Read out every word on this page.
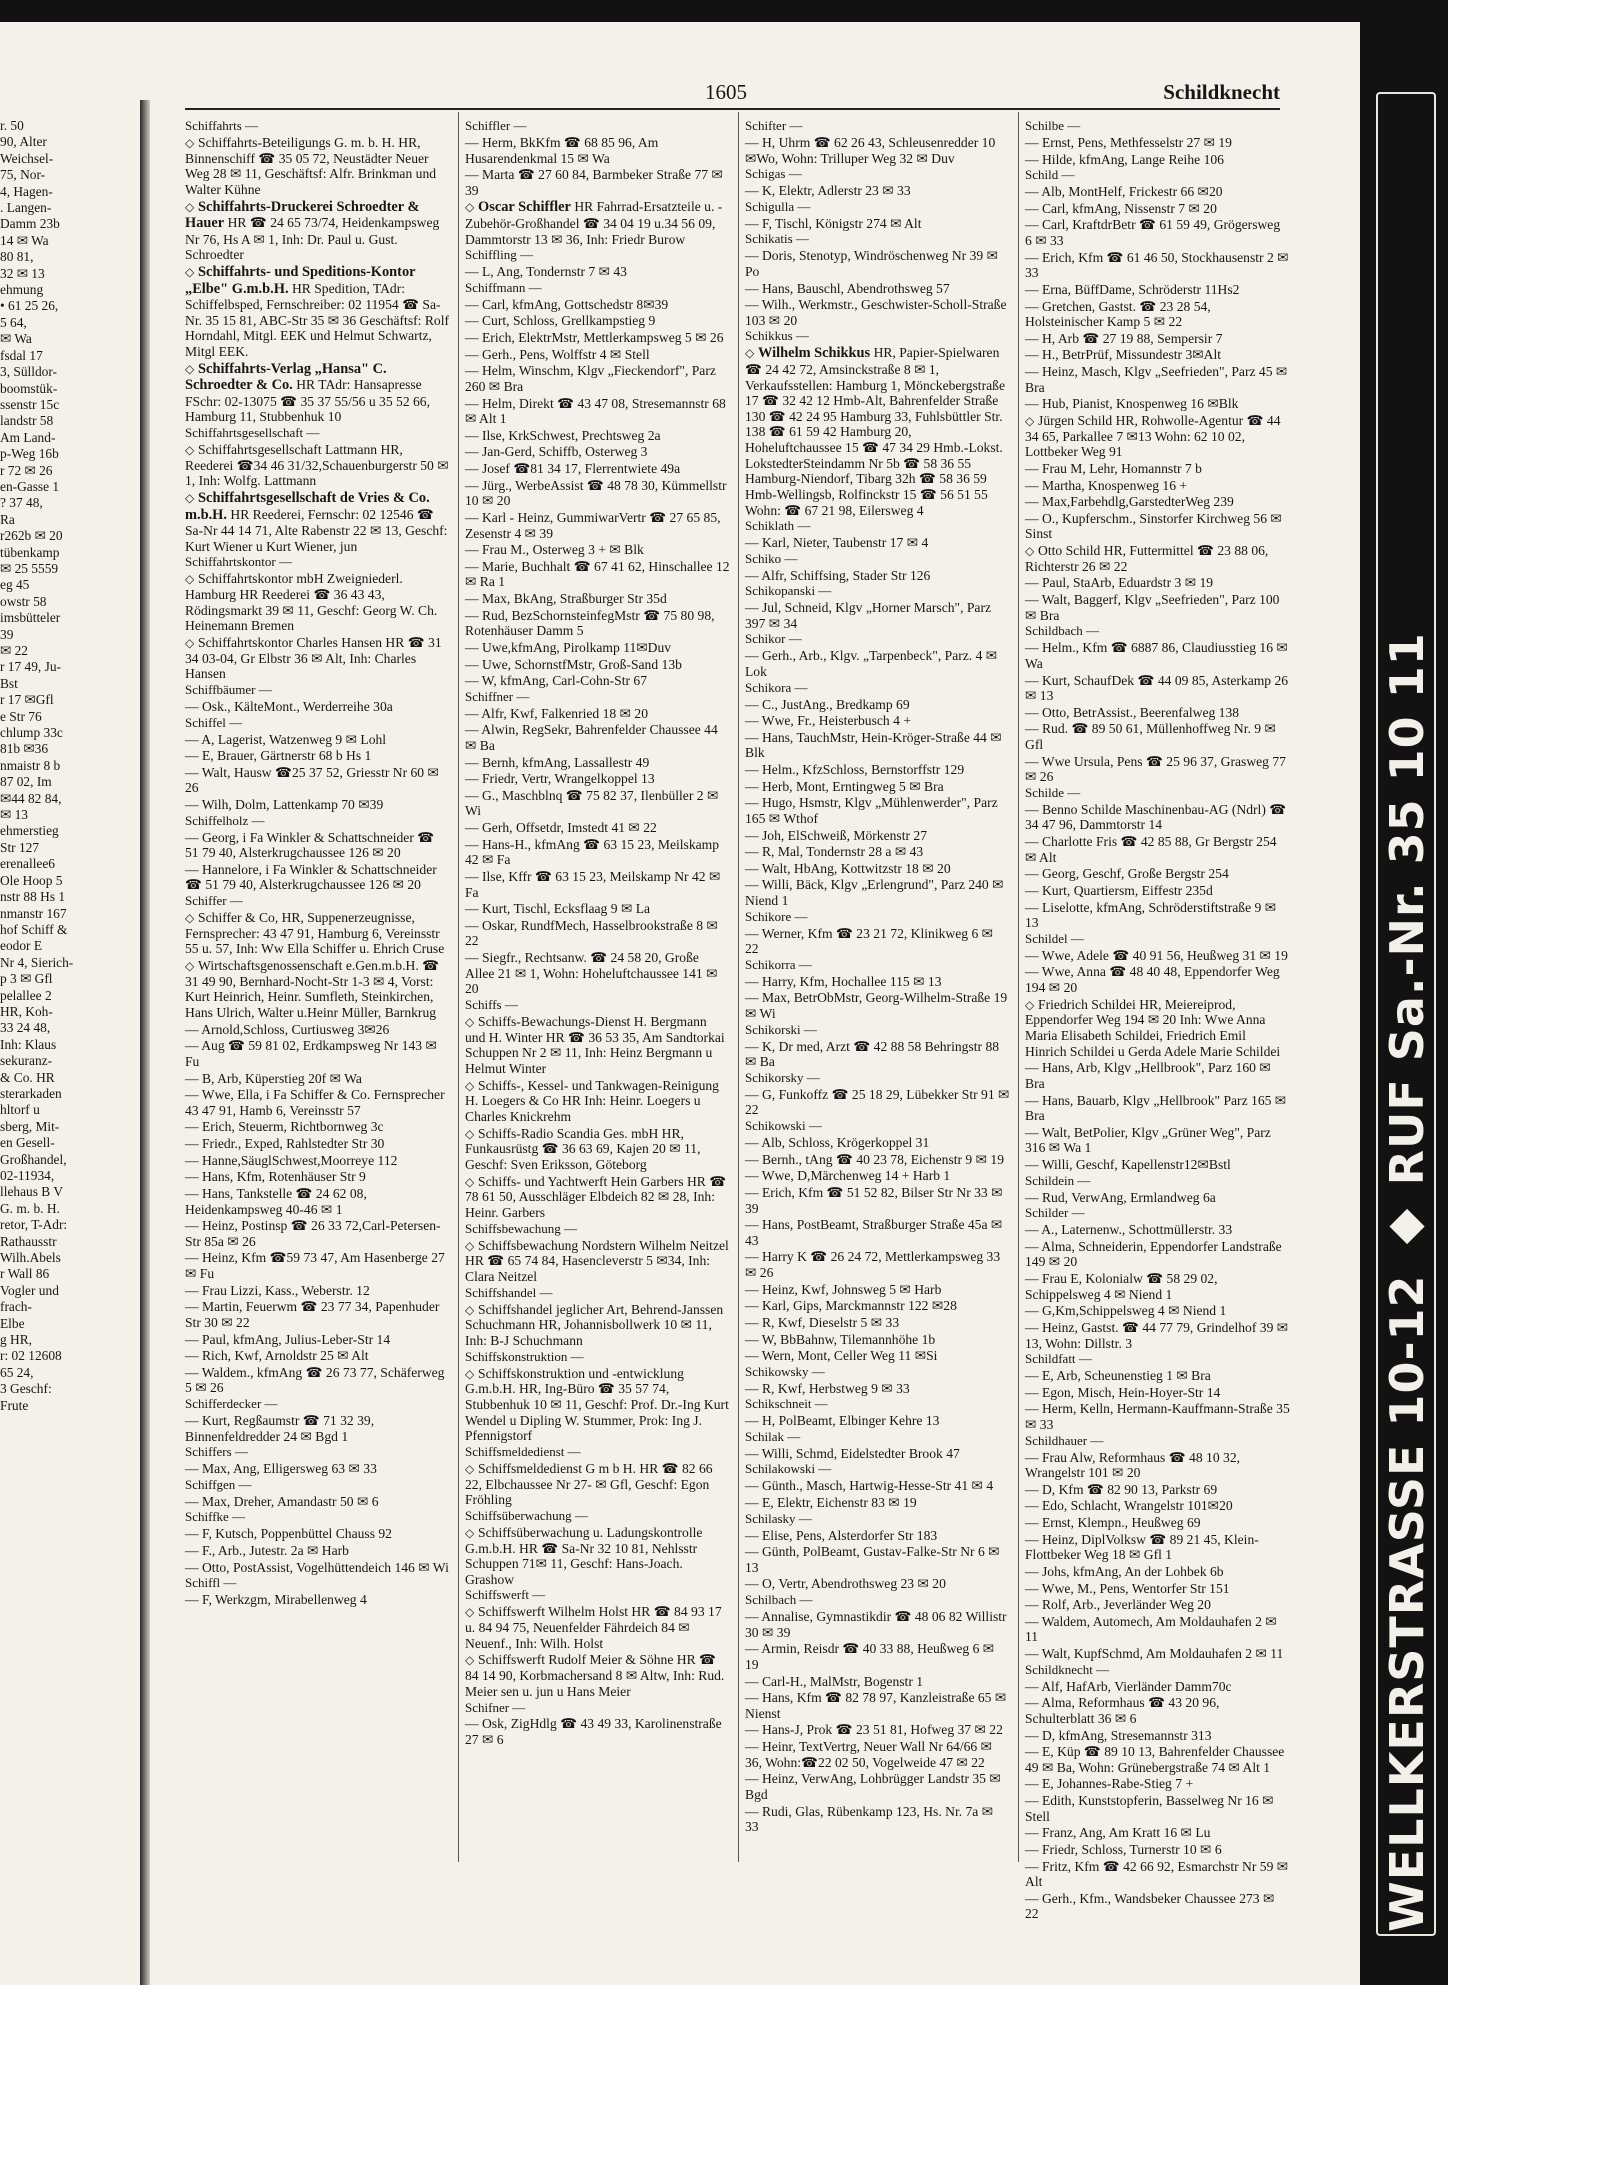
r. 50
90, Alter
Weichsel-
75, Nor-
4, Hagen-
. Langen-
Damm 23b
14 ✉ Wa
80 81,
32 ✉ 13
ehmung
• 61 25 26,
5 64,
✉ Wa
fsdal 17
3, Sülldor-
boomstük-
ssenstr 15c
landstr 58
Am Land-
p-Weg 16b
r 72 ✉ 26
en-Gasse 1
? 37 48,
Ra
r262b ✉ 20
tübenkamp
✉ 25 5559
eg 45
owstr 58
imsbütteler
39
✉ 22
r 17 49, Ju-
Bst
r 17 ✉Gfl
e Str 76
chlump 33c
81b ✉36
nmaistr 8 b
87 02, Im
✉44 82 84,
✉ 13
ehmerstieg
Str 127
erenallee6
Ole Hoop 5
nstr 88 Hs 1
nmanstr 167
hof Schiff &
eodor E
Nr 4, Sierich-
p 3 ✉ Gfl
pelallee 2
HR, Koh-
33 24 48,
Inh: Klaus
sekuranz-
& Co. HR
sterarkaden
hltorf u
sberg, Mit-
en Gesell-
Großhandel,
02-11934,
llehaus B V
G. m. b. H.
retor, T-Adr:
Rathausstr
Wilh.Abels
r Wall 86
Vogler und
frach-
Elbe
g HR,
r: 02 12608
65 24,
3 Geschf:
Frute
1605	Schildknecht
Schiffahrts —
◇ Schiffahrts-Beteiligungs G. m. b. H. HR, Binnenschiff ☎ 35 05 72, Neustädter Neuer Weg 28 ✉ 11, Geschäftsf: Alfr. Brinkman und Walter Kühne
◇ Schiffahrts-Druckerei Schroedter & Hauer HR ☎ 24 65 73/74, Heidenkampsweg Nr 76, Hs A ✉ 1, Inh: Dr. Paul u. Gust. Schroedter
◇ Schiffahrts- und Speditions-Kontor „Elbe" G.m.b.H. HR Spedition, TAdr: Schiffelbsped, Fernschreiber: 02 11954 ☎ Sa-Nr. 35 15 81, ABC-Str 35 ✉ 36 Geschäftsf: Rolf Horndahl, Mitgl. EEK und Helmut Schwartz, Mitgl EEK.
◇ Schiffahrts-Verlag „Hansa" C. Schroedter & Co. HR TAdr: Hansapresse FSchr: 02-13075 ☎ 35 37 55/56 u 35 52 66, Hamburg 11, Stubbenhuk 10
Schiffahrtsgesellschaft —
◇ Schiffahrtsgesellschaft Lattmann HR, Reederei ☎34 46 31/32,Schauenburgerstr 50 ✉ 1, Inh: Wolfg. Lattmann
◇ Schiffahrtsgesellschaft de Vries & Co. m.b.H. HR Reederei, Fernschr: 02 12546 ☎ Sa-Nr 44 14 71, Alte Rabenstr 22 ✉ 13, Geschf: Kurt Wiener u Kurt Wiener, jun
Schiffahrtskontor —
◇ Schiffahrtskontor mbH Zweigniederl. Hamburg HR Reederei ☎ 36 43 43, Rödingsmarkt 39 ✉ 11, Geschf: Georg W. Ch. Heinemann Bremen
◇ Schiffahrtskontor Charles Hansen HR ☎ 31 34 03-04, Gr Elbstr 36 ✉ Alt, Inh: Charles Hansen
Schiffbäumer —
— Osk., KälteMont., Werderreihe 30a
Schiffel —
— A, Lagerist, Watzenweg 9 ✉ Lohl
— E, Brauer, Gärtnerstr 68 b Hs 1
— Walt, Hausw ☎25 37 52, Griesstr Nr 60 ✉ 26
— Wilh, Dolm, Lattenkamp 70 ✉39
Schiffelholz —
— Georg, i Fa Winkler & Schattschneider ☎ 51 79 40, Alsterkrugchaussee 126 ✉ 20
— Hannelore, i Fa Winkler & Schattschneider ☎ 51 79 40, Alsterkrugchaussee 126 ✉ 20
Schiffer —
◇ Schiffer & Co, HR, Suppenerzeugnisse, Fernsprecher: 43 47 91, Hamburg 6, Vereinsstr 55 u. 57, Inh: Ww Ella Schiffer u. Ehrich Cruse
◇ Wirtschaftsgenossenschaft e.Gen.m.b.H. ☎ 31 49 90, Bernhard-Nocht-Str 1-3 ✉ 4, Vorst: Kurt Heinrich, Heinr. Sumfleth, Steinkirchen, Hans Ulrich, Walter u.Heinr Müller, Barnkrug
— Arnold,Schloss, Curtiusweg 3✉26
— Aug ☎ 59 81 02, Erdkampsweg Nr 143 ✉ Fu
— B, Arb, Küperstieg 20f ✉ Wa
— Wwe, Ella, i Fa Schiffer & Co. Fernsprecher 43 47 91, Hamb 6, Vereinsstr 57
— Erich, Steuerm, Richtbornweg 3c
— Friedr., Exped, Rahlstedter Str 30
— Hanne,SäuglSchwest,Moorreye 112
— Hans, Kfm, Rotenhäuser Str 9
— Hans, Tankstelle ☎ 24 62 08, Heidenkampsweg 40-46 ✉ 1
— Heinz, Postinsp ☎ 26 33 72,Carl-Petersen-Str 85a ✉ 26
— Heinz, Kfm ☎59 73 47, Am Hasenberge 27 ✉ Fu
— Frau Lizzi, Kass., Weberstr. 12
— Martin, Feuerwm ☎ 23 77 34, Papenhuder Str 30 ✉ 22
— Paul, kfmAng, Julius-Leber-Str 14
— Rich, Kwf, Arnoldstr 25 ✉ Alt
— Waldem., kfmAng ☎ 26 73 77, Schäferweg 5 ✉ 26
Schifferdecker —
— Kurt, Regßaumstr ☎ 71 32 39, Binnenfeldredder 24 ✉ Bgd 1
Schiffers —
— Max, Ang, Elligersweg 63 ✉ 33
Schiffgen —
— Max, Dreher, Amandastr 50 ✉ 6
Schiffke —
— F, Kutsch, Poppenbüttel Chauss 92
— F., Arb., Jutestr. 2a ✉ Harb
— Otto, PostAssist, Vogelhüttendeich 146 ✉ Wi
Schiffl —
— F, Werkzgm, Mirabellenweg 4
Schiffler —
— Herm, BkKfm ☎ 68 85 96, Am Husarendenkmal 15 ✉ Wa
— Marta ☎ 27 60 84, Barmbeker Straße 77 ✉ 39
◇ Oscar Schiffler HR Fahrrad-Ersatzteile u. -Zubehör-Großhandel ☎ 34 04 19 u.34 56 09, Dammtorstr 13 ✉ 36, Inh: Friedr Burow
Schiffling —
— L, Ang, Tondernstr 7 ✉ 43
Schiffmann —
— Carl, kfmAng, Gottschedstr 8✉39
— Curt, Schloss, Grellkampstieg 9
— Erich, ElektrMstr, Mettlerkampsweg 5 ✉ 26
— Gerh., Pens, Wolffstr 4 ✉ Stell
— Helm, Winschm, Klgv „Fieckendorf", Parz 260 ✉ Bra
— Helm, Direkt ☎ 43 47 08, Stresemannstr 68 ✉ Alt 1
— Ilse, KrkSchwest, Prechtsweg 2a
— Jan-Gerd, Schiffb, Osterweg 3
— Josef ☎81 34 17, Flerrentwiete 49a
— Jürg., WerbeAssist ☎ 48 78 30, Kümmellstr 10 ✉ 20
— Karl - Heinz, GummiwarVertr ☎ 27 65 85, Zesenstr 4 ✉ 39
— Frau M., Osterweg 3 + ✉ Blk
— Marie, Buchhalt ☎ 67 41 62, Hinschallee 12 ✉ Ra 1
— Max, BkAng, Straßburger Str 35d
— Rud, BezSchornsteinfegMstr ☎ 75 80 98, Rotenhäuser Damm 5
— Uwe,kfmAng, Pirolkamp 11✉Duv
— Uwe, SchornstfMstr, Groß-Sand 13b
— W, kfmAng, Carl-Cohn-Str 67
Schiffner —
— Alfr, Kwf, Falkenried 18 ✉ 20
— Alwin, RegSekr, Bahrenfelder Chaussee 44 ✉ Ba
— Bernh, kfmAng, Lassallestr 49
— Friedr, Vertr, Wrangelkoppel 13
— G., Maschblnq ☎ 75 82 37, Ilenbüller 2 ✉ Wi
— Gerh, Offsetdr, Imstedt 41 ✉ 22
— Hans-H., kfmAng ☎ 63 15 23, Meilskamp 42 ✉ Fa
— Ilse, Kffr ☎ 63 15 23, Meilskamp Nr 42 ✉ Fa
— Kurt, Tischl, Ecksflaag 9 ✉ La
— Oskar, RundfMech, Hasselbrookstraße 8 ✉ 22
— Siegfr., Rechtsanw. ☎ 24 58 20, Große Allee 21 ✉ 1, Wohn: Hoheluftchaussee 141 ✉ 20
Schiffs —
◇ Schiffs-Bewachungs-Dienst H. Bergmann und H. Winter HR ☎ 36 53 35, Am Sandtorkai Schuppen Nr 2 ✉ 11, Inh: Heinz Bergmann u Helmut Winter
◇ Schiffs-, Kessel- und Tankwagen-Reinigung H. Loegers & Co HR Inh: Heinr. Loegers u Charles Knickrehm
◇ Schiffs-Radio Scandia Ges. mbH HR, Funkausrüstg ☎ 36 63 69, Kajen 20 ✉ 11, Geschf: Sven Eriksson, Göteborg
◇ Schiffs- und Yachtwerft Hein Garbers HR ☎ 78 61 50, Ausschläger Elbdeich 82 ✉ 28, Inh: Heinr. Garbers
Schiffsbewachung —
◇ Schiffsbewachung Nordstern Wilhelm Neitzel HR ☎ 65 74 84, Hasencleverstr 5 ✉34, Inh: Clara Neitzel
Schiffshandel —
◇ Schiffshandel jeglicher Art, Behrend-Janssen Schuchmann HR, Johannisbollwerk 10 ✉ 11, Inh: B-J Schuchmann
Schiffskonstruktion —
◇ Schiffskonstruktion und -entwicklung G.m.b.H. HR, Ing-Büro ☎ 35 57 74, Stubbenhuk 10 ✉ 11, Geschf: Prof. Dr.-Ing Kurt Wendel u Dipling W. Stummer, Prok: Ing J. Pfennigstorf
Schiffsmeldedienst —
◇ Schiffsmeldedienst G m b H. HR ☎ 82 66 22, Elbchaussee Nr 27- ✉ Gfl, Geschf: Egon Fröhling
Schiffsüberwachung —
◇ Schiffsüberwachung u. Ladungskontrolle G.m.b.H. HR ☎ Sa-Nr 32 10 81, Nehlsstr Schuppen 71✉ 11, Geschf: Hans-Joach. Grashow
Schiffswerft —
◇ Schiffswerft Wilhelm Holst HR ☎ 84 93 17 u. 84 94 75, Neuenfelder Fährdeich 84 ✉ Neuenf., Inh: Wilh. Holst
◇ Schiffswerft Rudolf Meier & Söhne HR ☎ 84 14 90, Korbmachersand 8 ✉ Altw, Inh: Rud. Meier sen u. jun u Hans Meier
Schifner —
— Osk, ZigHdlg ☎ 43 49 33, Karolinenstraße 27 ✉ 6
Schifter —
— H, Uhrm ☎ 62 26 43, Schleusenredder 10 ✉Wo, Wohn: Trilluper Weg 32 ✉ Duv
Schigas —
— K, Elektr, Adlerstr 23 ✉ 33
Schigulla —
— F, Tischl, Königstr 274 ✉ Alt
Schikatis —
— Doris, Stenotyp, Windröschenweg Nr 39 ✉ Po
— Hans, Bauschl, Abendrothsweg 57
— Wilh., Werkmstr., Geschwister-Scholl-Straße 103 ✉ 20
Schikkus —
◇ Wilhelm Schikkus HR, Papier-Spielwaren ☎ 24 42 72, Amsinckstraße 8 ✉ 1, Verkaufsstellen: Hamburg 1, Mönckebergstraße 17 ☎ 32 42 12 Hmb-Alt, Bahrenfelder Straße 130 ☎ 42 24 95 Hamburg 33, Fuhlsbüttler Str. 138 ☎ 61 59 42 Hamburg 20, Hoheluftchaussee 15 ☎ 47 34 29 Hmb.-Lokst. LokstedterSteindamm Nr 5b ☎ 58 36 55 Hamburg-Niendorf, Tibarg 32h ☎ 58 36 59 Hmb-Wellingsb, Rolfinckstr 15 ☎ 56 51 55 Wohn: ☎ 67 21 98, Eilersweg 4
Schiklath —
— Karl, Nieter, Taubenstr 17 ✉ 4
Schiko —
— Alfr, Schiffsing, Stader Str 126
Schikopanski —
— Jul, Schneid, Klgv „Horner Marsch", Parz 397 ✉ 34
Schikor —
— Gerh., Arb., Klgv. „Tarpenbeck", Parz. 4 ✉ Lok
Schikora —
— C., JustAng., Bredkamp 69
— Wwe, Fr., Heisterbusch 4 +
— Hans, TauchMstr, Hein-Kröger-Straße 44 ✉ Blk
— Helm., KfzSchloss, Bernstorffstr 129
— Herb, Mont, Erntingweg 5 ✉ Bra
— Hugo, Hsmstr, Klgv „Mühlenwerder", Parz 165 ✉ Wthof
— Joh, ElSchweiß, Mörkenstr 27
— R, Mal, Tondernstr 28 a ✉ 43
— Walt, HbAng, Kottwitzstr 18 ✉ 20
— Willi, Bäck, Klgv „Erlengrund", Parz 240 ✉ Niend 1
Schikore —
— Werner, Kfm ☎ 23 21 72, Klinikweg 6 ✉ 22
Schikorra —
— Harry, Kfm, Hochallee 115 ✉ 13
— Max, BetrObMstr, Georg-Wilhelm-Straße 19 ✉ Wi
Schikorski —
— K, Dr med, Arzt ☎ 42 88 58 Behringstr 88 ✉ Ba
Schikorsky —
— G, Funkoffz ☎ 25 18 29, Lübekker Str 91 ✉ 22
Schikowski —
— Alb, Schloss, Krögerkoppel 31
— Bernh., tAng ☎ 40 23 78, Eichenstr 9 ✉ 19
— Wwe, D,Märchenweg 14 + Harb 1
— Erich, Kfm ☎ 51 52 82, Bilser Str Nr 33 ✉ 39
— Hans, PostBeamt, Straßburger Straße 45a ✉ 43
— Harry K ☎ 26 24 72, Mettlerkampsweg 33 ✉ 26
— Heinz, Kwf, Johnsweg 5 ✉ Harb
— Karl, Gips, Marckmannstr 122 ✉28
— R, Kwf, Dieselstr 5 ✉ 33
— W, BbBahnw, Tilemannhöhe 1b
— Wern, Mont, Celler Weg 11 ✉Si
Schikowsky —
— R, Kwf, Herbstweg 9 ✉ 33
Schikschneit —
— H, PolBeamt, Elbinger Kehre 13
Schilak —
— Willi, Schmd, Eidelstedter Brook 47
Schilakowski —
— Günth., Masch, Hartwig-Hesse-Str 41 ✉ 4
— E, Elektr, Eichenstr 83 ✉ 19
Schilasky —
— Elise, Pens, Alsterdorfer Str 183
— Günth, PolBeamt, Gustav-Falke-Str Nr 6 ✉ 13
— O, Vertr, Abendrothsweg 23 ✉ 20
Schilbach —
— Annalise, Gymnastikdir ☎ 48 06 82 Willistr 30 ✉ 39
— Armin, Reisdr ☎ 40 33 88, Heußweg 6 ✉ 19
— Carl-H., MalMstr, Bogenstr 1
— Hans, Kfm ☎ 82 78 97, Kanzleistraße 65 ✉ Nienst
— Hans-J, Prok ☎ 23 51 81, Hofweg 37 ✉ 22
— Heinr, TextVertrg, Neuer Wall Nr 64/66 ✉ 36, Wohn:☎22 02 50, Vogelweide 47 ✉ 22
— Heinz, VerwAng, Lohbrügger Landstr 35 ✉ Bgd
— Rudi, Glas, Rübenkamp 123, Hs. Nr. 7a ✉ 33
Schilbe —
— Ernst, Pens, Methfesselstr 27 ✉ 19
— Hilde, kfmAng, Lange Reihe 106
Schild —
— Alb, MontHelf, Frickestr 66 ✉20
— Carl, kfmAng, Nissenstr 7 ✉ 20
— Carl, KraftdrBetr ☎ 61 59 49, Grögersweg 6 ✉ 33
— Erich, Kfm ☎ 61 46 50, Stockhausenstr 2 ✉ 33
— Erna, BüffDame, Schröderstr 11Hs2
— Gretchen, Gastst. ☎ 23 28 54, Holsteinischer Kamp 5 ✉ 22
— H, Arb ☎ 27 19 88, Sempersir 7
— H., BetrPrüf, Missundestr 3✉Alt
— Heinz, Masch, Klgv „Seefrieden", Parz 45 ✉ Bra
— Hub, Pianist, Knospenweg 16 ✉Blk
◇ Jürgen Schild HR, Rohwolle-Agentur ☎ 44 34 65, Parkallee 7 ✉13 Wohn: 62 10 02, Lottbeker Weg 91
— Frau M, Lehr, Homannstr 7 b
— Martha, Knospenweg 16 +
— Max,Farbehdlg,GarstedterWeg 239
— O., Kupferschm., Sinstorfer Kirchweg 56 ✉ Sinst
◇ Otto Schild HR, Futtermittel ☎ 23 88 06, Richterstr 26 ✉ 22
— Paul, StaArb, Eduardstr 3 ✉ 19
— Walt, Baggerf, Klgv „Seefrieden", Parz 100 ✉ Bra
Schildbach —
— Helm., Kfm ☎ 6887 86, Claudiusstieg 16 ✉ Wa
— Kurt, SchaufDek ☎ 44 09 85, Asterkamp 26 ✉ 13
— Otto, BetrAssist., Beerenfalweg 138
— Rud. ☎ 89 50 61, Müllenhoffweg Nr. 9 ✉ Gfl
— Wwe Ursula, Pens ☎ 25 96 37, Grasweg 77 ✉ 26
Schilde —
— Benno Schilde Maschinenbau-AG (Ndrl) ☎ 34 47 96, Dammtorstr 14
— Charlotte Fris ☎ 42 85 88, Gr Bergstr 254 ✉ Alt
— Georg, Geschf, Große Bergstr 254
— Kurt, Quartiersm, Eiffestr 235d
— Liselotte, kfmAng, Schröderstiftstraße 9 ✉ 13
Schildel —
— Wwe, Adele ☎ 40 91 56, Heußweg 31 ✉ 19
— Wwe, Anna ☎ 48 40 48, Eppendorfer Weg 194 ✉ 20
◇ Friedrich Schildei HR, Meiereiprod, Eppendorfer Weg 194 ✉ 20 Inh: Wwe Anna Maria Elisabeth Schildei, Friedrich Emil Hinrich Schildei u Gerda Adele Marie Schildei
— Hans, Arb, Klgv „Hellbrook", Parz 160 ✉ Bra
— Hans, Bauarb, Klgv „Hellbrook" Parz 165 ✉ Bra
— Walt, BetPolier, Klgv „Grüner Weg", Parz 316 ✉ Wa 1
— Willi, Geschf, Kapellenstr12✉Bstl
Schildein —
— Rud, VerwAng, Ermlandweg 6a
Schilder —
— A., Laternenw., Schottmüllerstr. 33
— Alma, Schneiderin, Eppendorfer Landstraße 149 ✉ 20
— Frau E, Kolonialw ☎ 58 29 02, Schippelsweg 4 ✉ Niend 1
— G,Km,Schippelsweg 4 ✉ Niend 1
— Heinz, Gastst. ☎ 44 77 79, Grindelhof 39 ✉ 13, Wohn: Dillstr. 3
Schildfatt —
— E, Arb, Scheunenstieg 1 ✉ Bra
— Egon, Misch, Hein-Hoyer-Str 14
— Herm, Kelln, Hermann-Kauffmann-Straße 35 ✉ 33
Schildhauer —
— Frau Alw, Reformhaus ☎ 48 10 32, Wrangelstr 101 ✉ 20
— D, Kfm ☎ 82 90 13, Parkstr 69
— Edo, Schlacht, Wrangelstr 101✉20
— Ernst, Klempn., Heußweg 69
— Heinz, DiplVolksw ☎ 89 21 45, Klein-Flottbeker Weg 18 ✉ Gfl 1
— Johs, kfmAng, An der Lohbek 6b
— Wwe, M., Pens, Wentorfer Str 151
— Rolf, Arb., Jeverländer Weg 20
— Waldem, Automech, Am Moldauhafen 2 ✉ 11
— Walt, KupfSchmd, Am Moldauhafen 2 ✉ 11
Schildknecht —
— Alf, HafArb, Vierländer Damm70c
— Alma, Reformhaus ☎ 43 20 96, Schulterblatt 36 ✉ 6
— D, kfmAng, Stresemannstr 313
— E, Küp ☎ 89 10 13, Bahrenfelder Chaussee 49 ✉ Ba, Wohn: Grünebergstraße 74 ✉ Alt 1
— E, Johannes-Rabe-Stieg 7 +
— Edith, Kunststopferin, Basselweg Nr 16 ✉ Stell
— Franz, Ang, Am Kratt 16 ✉ Lu
— Friedr, Schloss, Turnerstr 10 ✉ 6
— Fritz, Kfm ☎ 42 66 92, Esmarchstr Nr 59 ✉ Alt
— Gerh., Kfm., Wandsbeker Chaussee 273 ✉ 22	WELLKERSTRASSE 10-12 ◆ RUF Sa.-Nr. 35 10 11
